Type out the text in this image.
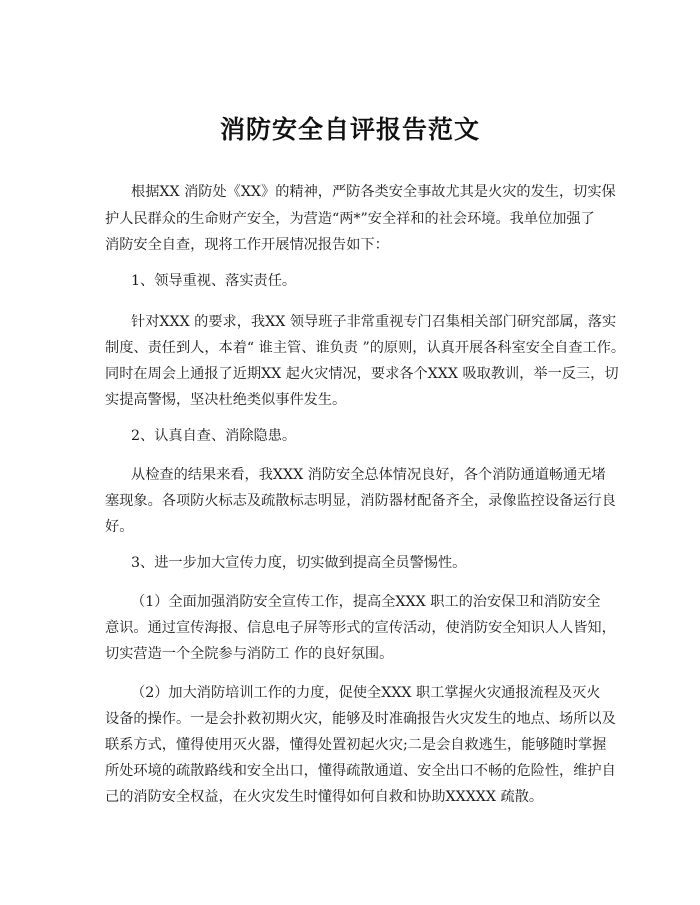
消防安全自评报告范文
根据XX 消防处《XX》的精神，严防各类安全事故尤其是火灾的发生，切实保
护人民群众的生命财产安全，为营造“两*”安全祥和的社会环境。我单位加强了
消防安全自查，现将工作开展情况报告如下：
1、领导重视、落实责任。
针对XXX 的要求，我XX 领导班子非常重视专门召集相关部门研究部属，落实
制度、责任到人，本着“ 谁主管、谁负责 ”的原则，认真开展各科室安全自查工作。
同时在周会上通报了近期XX 起火灾情况，要求各个XXX 吸取教训，举一反三，切
实提高警惕，坚决杜绝类似事件发生。
2、认真自查、消除隐患。
从检查的结果来看，我XXX 消防安全总体情况良好，各个消防通道畅通无堵
塞现象。各项防火标志及疏散标志明显，消防器材配备齐全，录像监控设备运行良
好。
3、进一步加大宣传力度，切实做到提高全员警惕性。
（1）全面加强消防安全宣传工作，提高全XXX 职工的治安保卫和消防安全
意识。通过宣传海报、信息电子屏等形式的宣传活动，使消防安全知识人人皆知，
切实营造一个全院参与消防工 作的良好氛围。
（2）加大消防培训工作的力度，促使全XXX 职工掌握火灾通报流程及灭火
设备的操作。一是会扑救初期火灾，能够及时准确报告火灾发生的地点、场所以及
联系方式，懂得使用灭火器，懂得处置初起火灾;二是会自救逃生，能够随时掌握
所处环境的疏散路线和安全出口，懂得疏散通道、安全出口不畅的危险性，维护自
己的消防安全权益，在火灾发生时懂得如何自救和协助XXXXX 疏散。
